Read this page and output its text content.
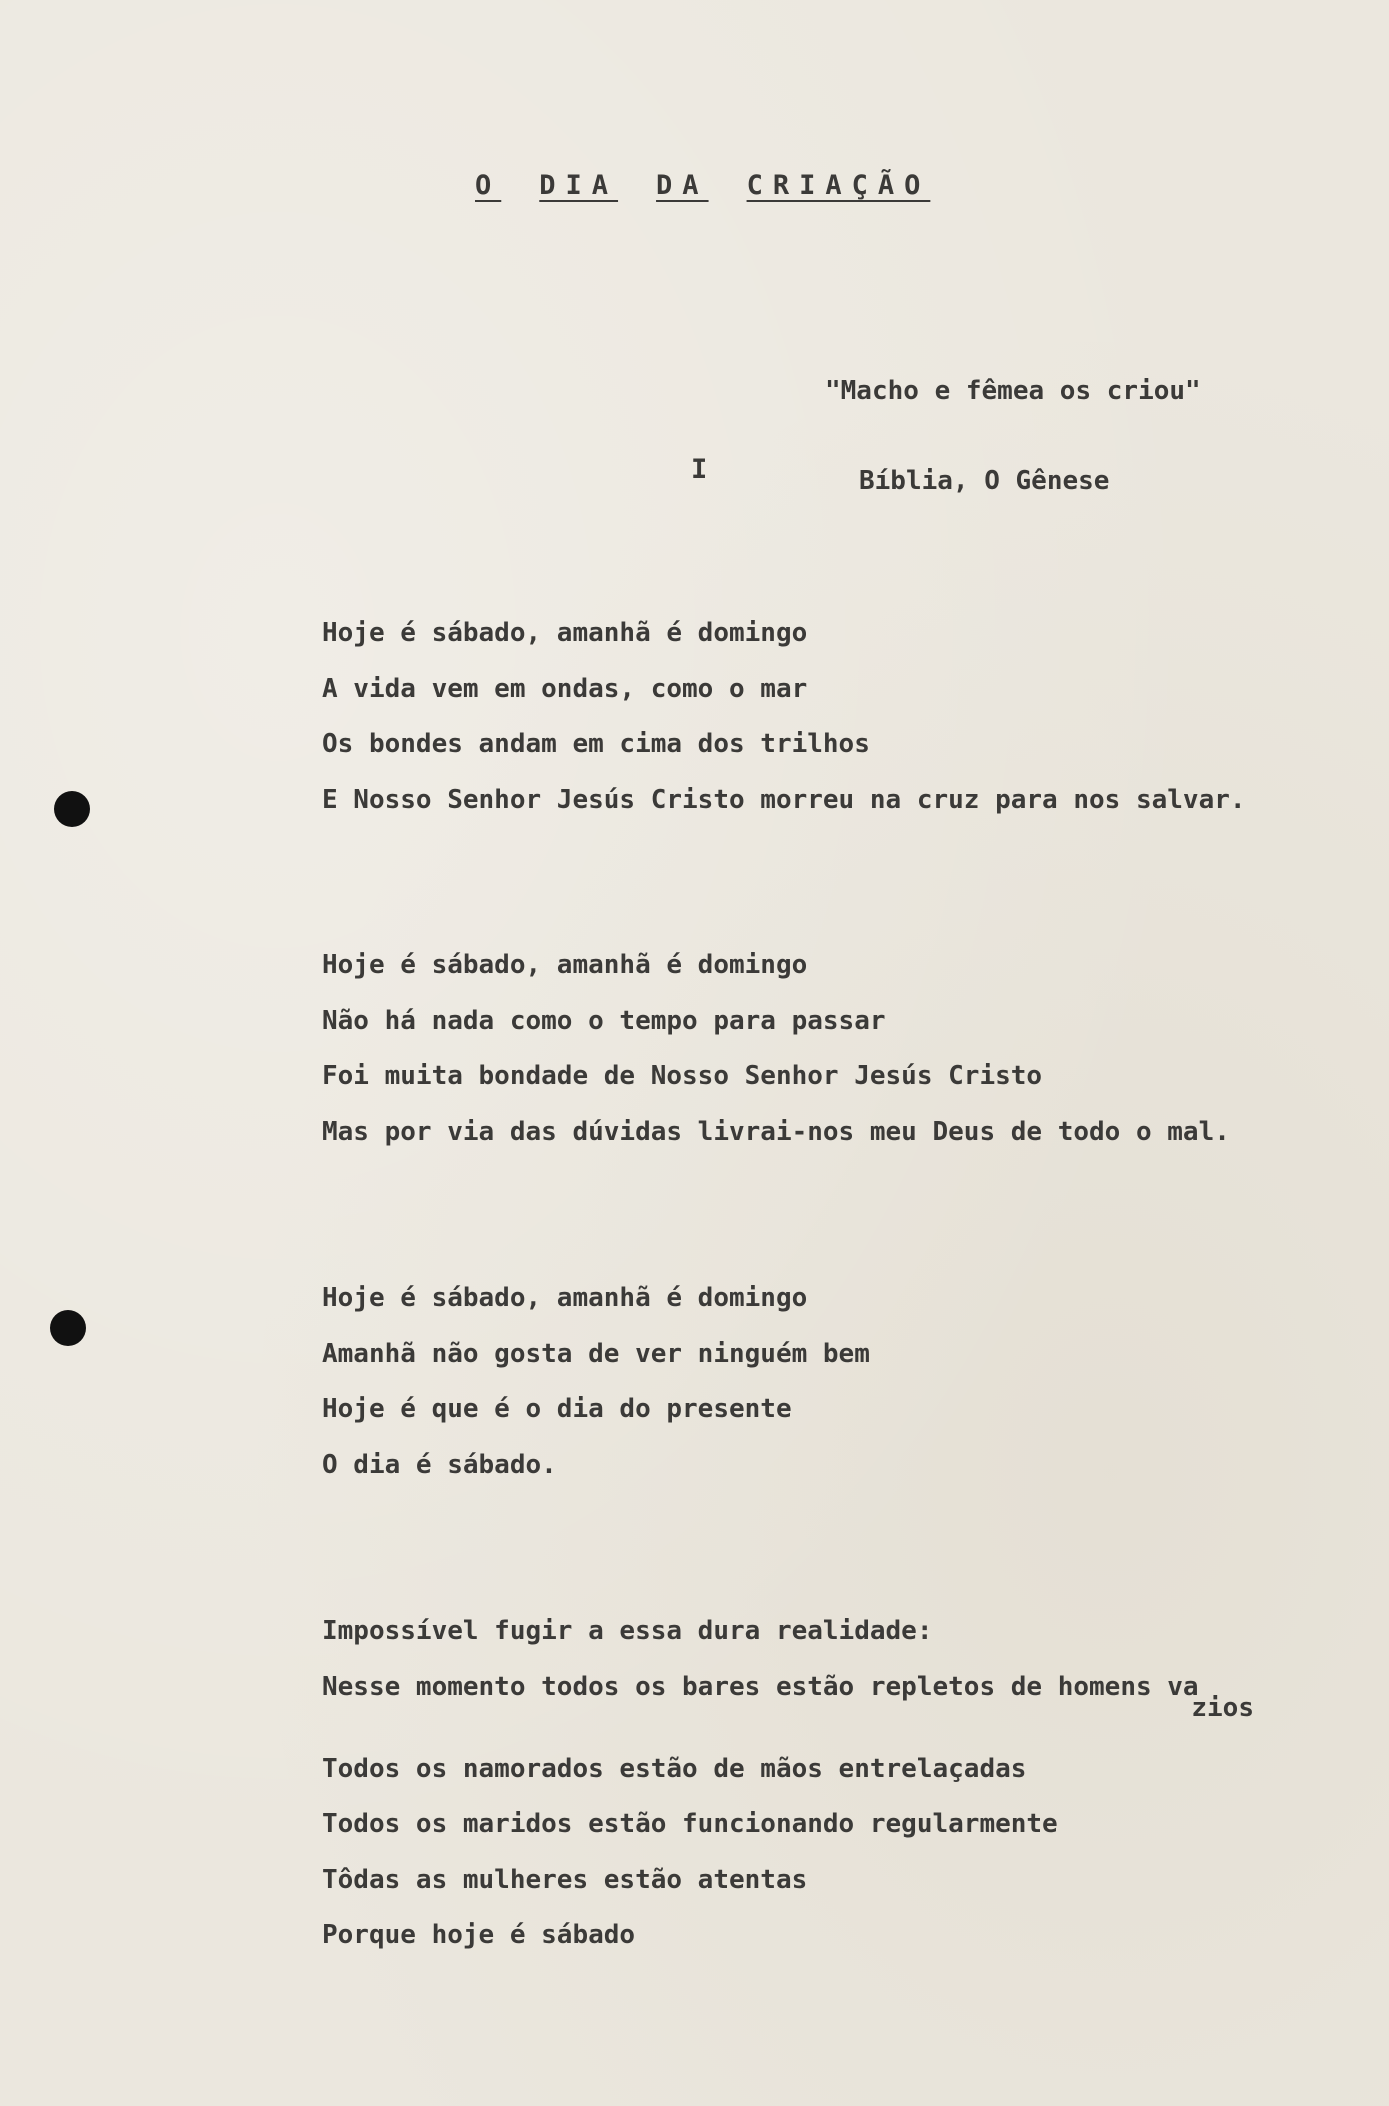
O DIA DA CRIAÇÃO

"Macho e fêmea os criou"

Bíblia, O Gênese

I
Hoje é sábado, amanhã é domingo
A vida vem em ondas, como o mar
Os bondes andam em cima dos trilhos
E Nosso Senhor Jesús Cristo morreu na cruz para nos salvar.
Hoje é sábado, amanhã é domingo
Não há nada como o tempo para passar
Foi muita bondade de Nosso Senhor Jesús Cristo
Mas por via das dúvidas livrai-nos meu Deus de todo o mal.
Hoje é sábado, amanhã é domingo
Amanhã não gosta de ver ninguém bem
Hoje é que é o dia do presente
O dia é sábado.
Impossível fugir a essa dura realidade:
Nesse momento todos os bares estão repletos de homens va
zios
Todos os namorados estão de mãos entrelaçadas
Todos os maridos estão funcionando regularmente
Tôdas as mulheres estão atentas
Porque hoje é sábado
